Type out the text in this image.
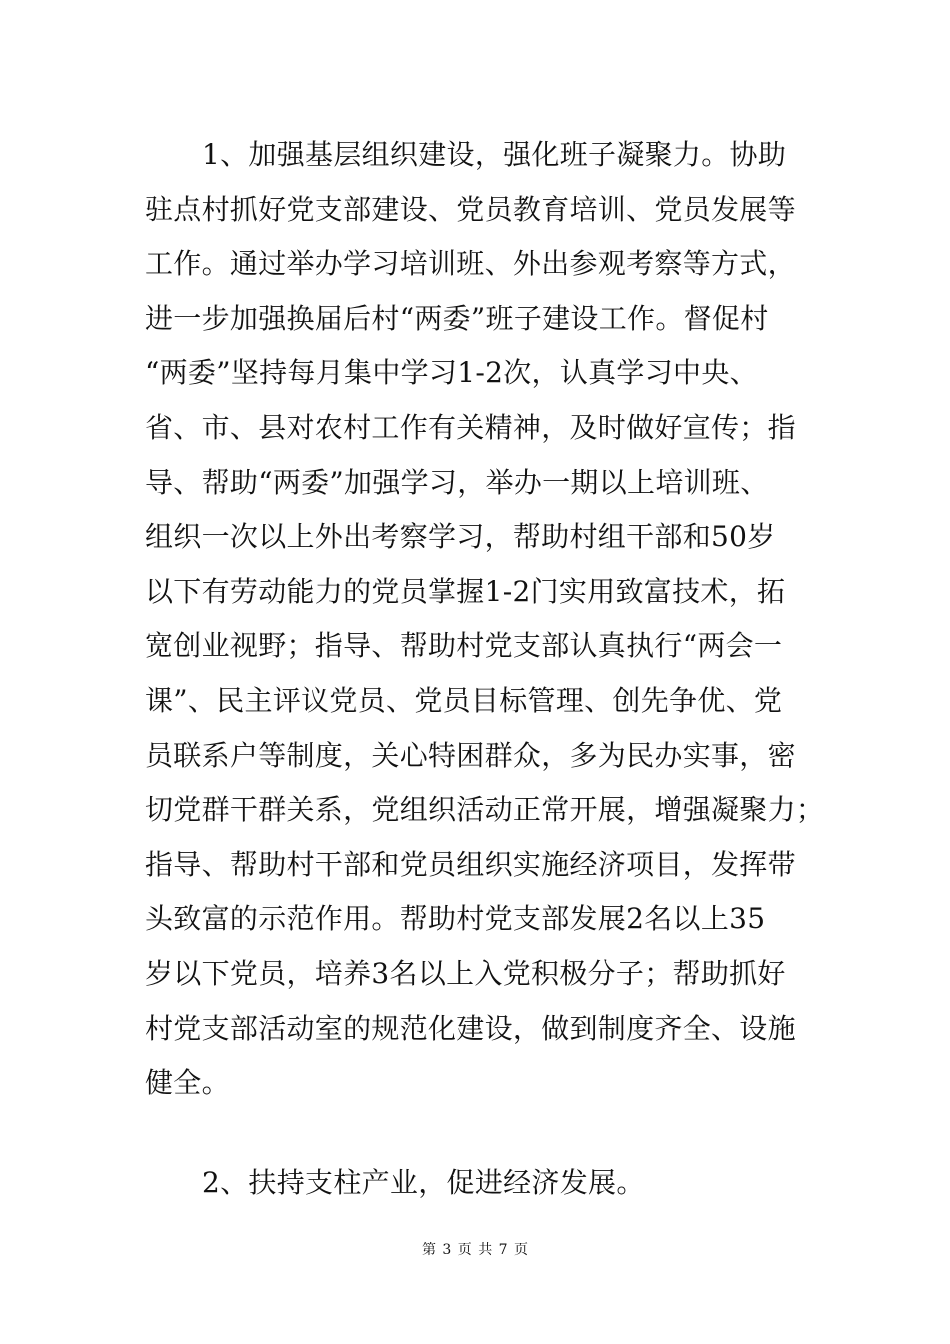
1、加强基层组织建设，强化班子凝聚力。协助
驻点村抓好党支部建设、党员教育培训、党员发展等
工作。通过举办学习培训班、外出参观考察等方式，
进一步加强换届后村“两委”班子建设工作。督促村
“两委”坚持每月集中学习1-2次，认真学习中央、
省、市、县对农村工作有关精神，及时做好宣传；指
导、帮助“两委”加强学习，举办一期以上培训班、
组织一次以上外出考察学习，帮助村组干部和50岁
以下有劳动能力的党员掌握1-2门实用致富技术，拓
宽创业视野；指导、帮助村党支部认真执行“两会一
课”、民主评议党员、党员目标管理、创先争优、党
员联系户等制度，关心特困群众，多为民办实事，密
切党群干群关系，党组织活动正常开展，增强凝聚力；
指导、帮助村干部和党员组织实施经济项目，发挥带
头致富的示范作用。帮助村党支部发展2名以上35
岁以下党员，培养3名以上入党积极分子；帮助抓好
村党支部活动室的规范化建设，做到制度齐全、设施
健全。
2、扶持支柱产业，促进经济发展。
第 3 页 共 7 页
